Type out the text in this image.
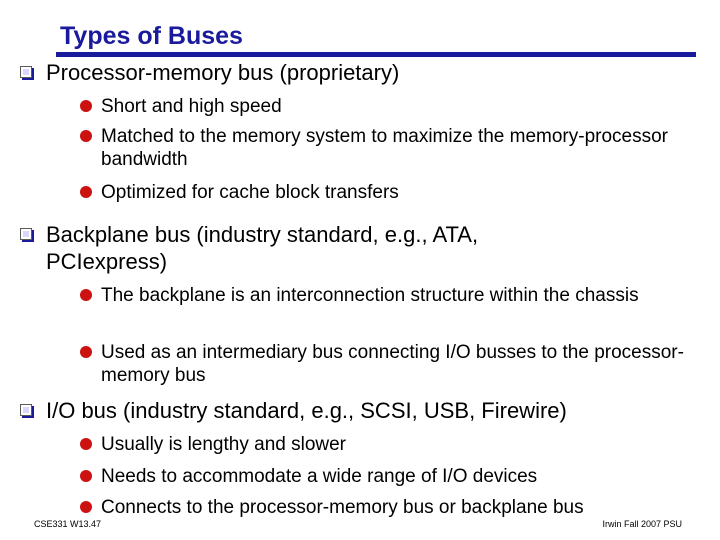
Types of Buses
Processor-memory bus (proprietary)
Short and high speed
Matched to the memory system to maximize the memory-processor bandwidth
Optimized for cache block transfers
Backplane bus (industry standard, e.g., ATA, PCIexpress)
The backplane is an interconnection structure within the chassis
Used as an intermediary bus connecting I/O busses to the processor-memory bus
I/O bus (industry standard, e.g., SCSI, USB, Firewire)
Usually is lengthy and slower
Needs to accommodate a wide range of I/O devices
Connects to the processor-memory bus or backplane bus
CSE331 W13.47	Irwin Fall 2007 PSU
